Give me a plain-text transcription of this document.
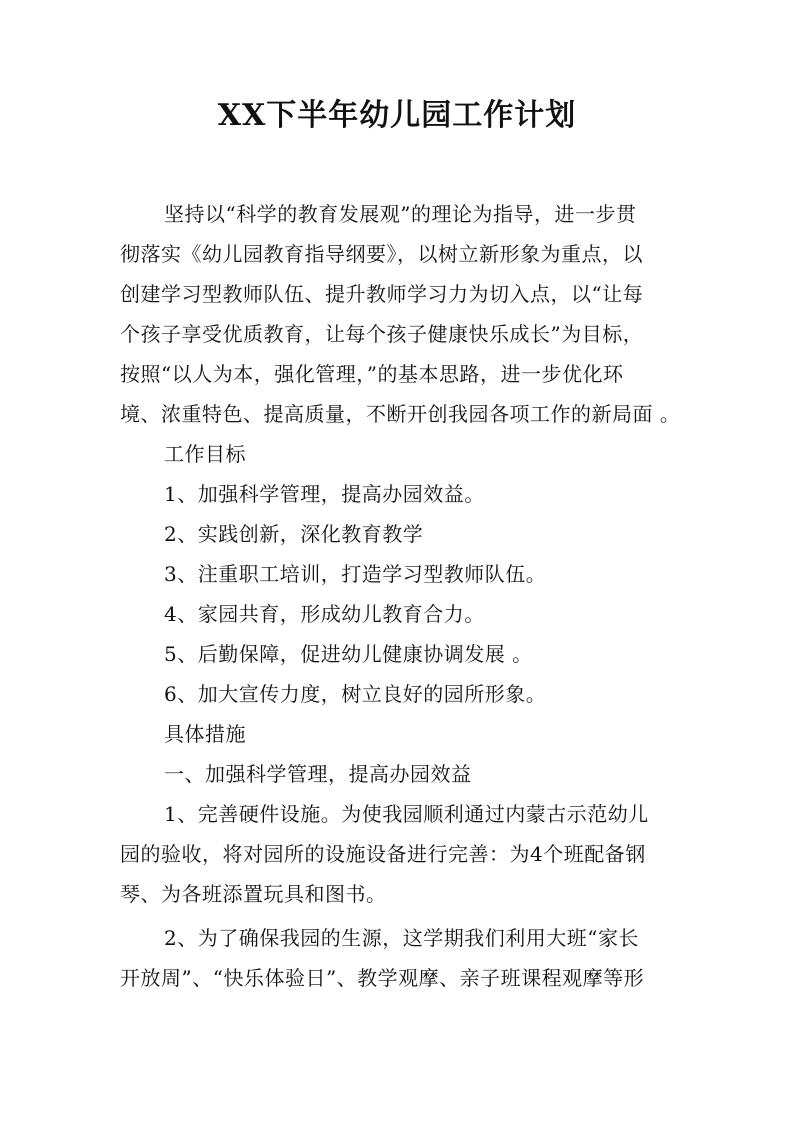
XX下半年幼儿园工作计划
坚持以“科学的教育发展观”的理论为指导，进一步贯
彻落实《幼儿园教育指导纲要》，以树立新形象为重点，以
创建学习型教师队伍、提升教师学习力为切入点，以“让每
个孩子享受优质教育，让每个孩子健康快乐成长”为目标，
按照“以人为本，强化管理，”的基本思路，进一步优化环
境、浓重特色、提高质量，不断开创我园各项工作的新局面 。
工作目标
1、加强科学管理，提高办园效益。
2、实践创新，深化教育教学
3、注重职工培训，打造学习型教师队伍。
4、家园共育，形成幼儿教育合力。
5、后勤保障，促进幼儿健康协调发展 。
6、加大宣传力度，树立良好的园所形象。
具体措施
一、加强科学管理，提高办园效益
1、完善硬件设施。为使我园顺利通过内蒙古示范幼儿
园的验收，将对园所的设施设备进行完善：为4个班配备钢
琴、为各班添置玩具和图书。
2、为了确保我园的生源，这学期我们利用大班“家长
开放周”、“快乐体验日”、教学观摩、亲子班课程观摩等形
